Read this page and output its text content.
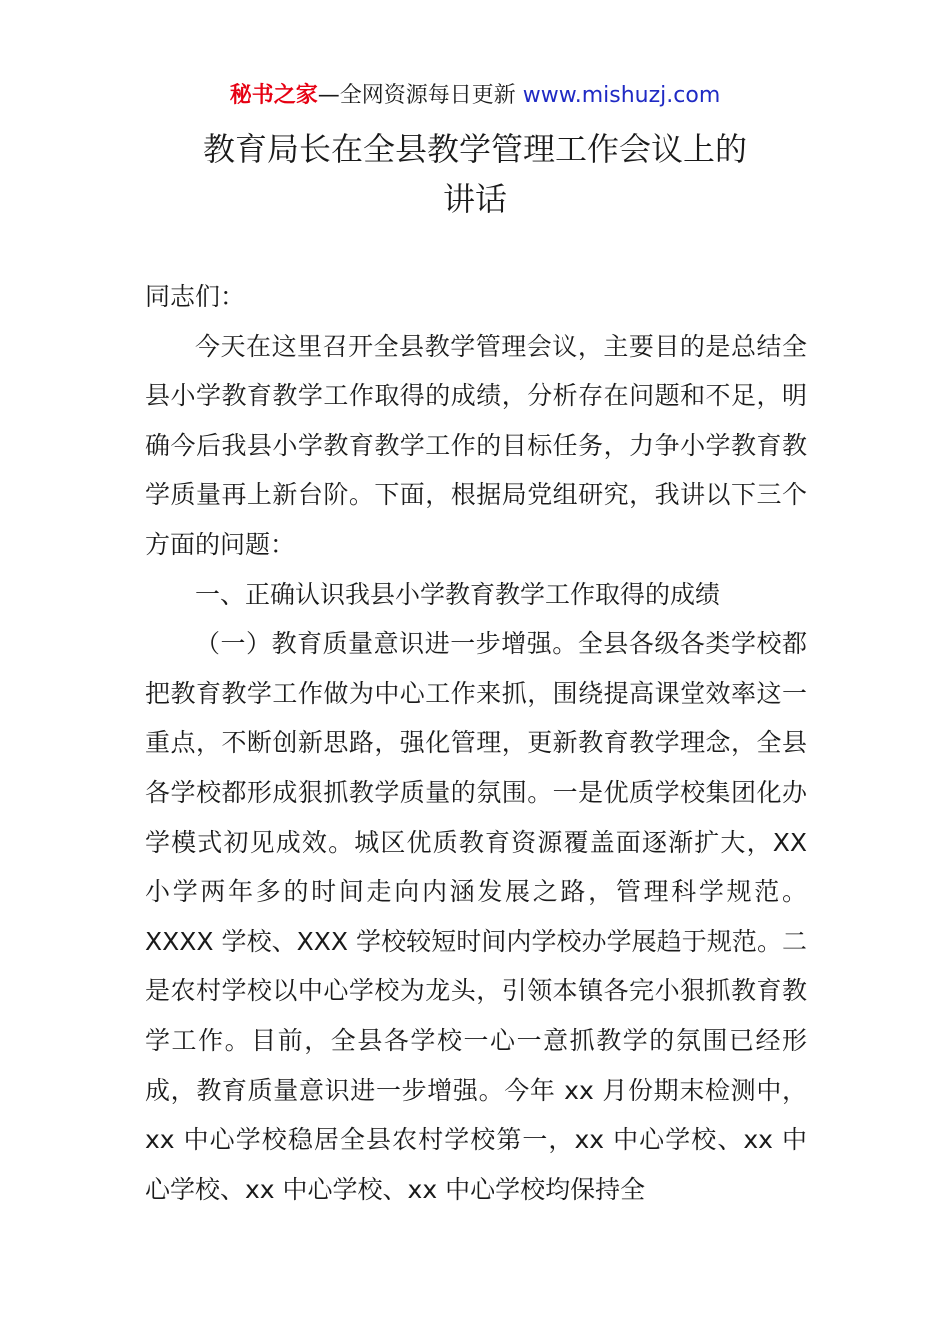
秘书之家—全网资源每日更新 www.mishuzj.com
教育局长在全县教学管理工作会议上的
讲话

同志们：

今天在这里召开全县教学管理会议，主要目的是总结全县小学教育教学工作取得的成绩，分析存在问题和不足，明确今后我县小学教育教学工作的目标任务，力争小学教育教学质量再上新台阶。下面，根据局党组研究，我讲以下三个方面的问题：

一、正确认识我县小学教育教学工作取得的成绩

（一）教育质量意识进一步增强。全县各级各类学校都把教育教学工作做为中心工作来抓，围绕提高课堂效率这一重点，不断创新思路，强化管理，更新教育教学理念，全县各学校都形成狠抓教学质量的氛围。一是优质学校集团化办学模式初见成效。城区优质教育资源覆盖面逐渐扩大，XX 小学两年多的时间走向内涵发展之路，管理科学规范。XXXX 学校、XXX 学校较短时间内学校办学展趋于规范。二是农村学校以中心学校为龙头，引领本镇各完小狠抓教育教学工作。目前，全县各学校一心一意抓教学的氛围已经形成，教育质量意识进一步增强。今年 xx 月份期末检测中，xx 中心学校稳居全县农村学校第一，xx 中心学校、xx 中心学校、xx 中心学校、xx 中心学校均保持全
